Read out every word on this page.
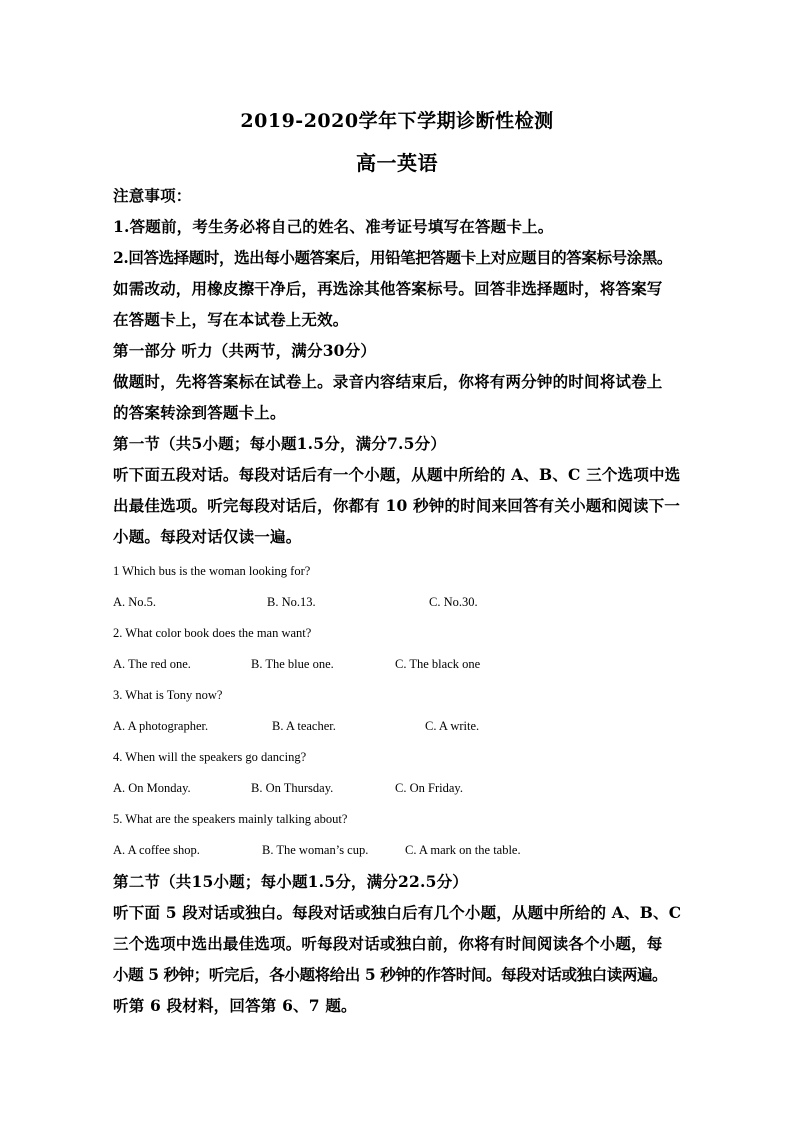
2019-2020学年下学期诊断性检测
高一英语

注意事项：

1.答题前，考生务必将自己的姓名、准考证号填写在答题卡上。

2.回答选择题时，选出每小题答案后，用铅笔把答题卡上对应题目的答案标号涂黑。

如需改动，用橡皮擦干净后，再选涂其他答案标号。回答非选择题时，将答案写

在答题卡上，写在本试卷上无效。

第一部分 听力（共两节，满分30分）

做题时，先将答案标在试卷上。录音内容结束后，你将有两分钟的时间将试卷上

的答案转涂到答题卡上。

第一节（共5小题；每小题1.5分，满分7.5分）

听下面五段对话。每段对话后有一个小题，从题中所给的 A、B、C 三个选项中选

出最佳选项。听完每段对话后，你都有 10 秒钟的时间来回答有关小题和阅读下一

小题。每段对话仅读一遍。

1 Which bus is the woman looking for?

A. No.5.	B. No.13.	C. No.30.

2. What color book does the man want?

A. The red one.	B. The blue one.	C. The black one

3. What is Tony now?

A. A photographer.	B. A teacher.	C. A write.

4. When will the speakers go dancing?

A. On Monday.	B. On Thursday.	C. On Friday.

5. What are the speakers mainly talking about?

A. A coffee shop.	B. The woman’s cup.	C. A mark on the table.

第二节（共15小题；每小题1.5分，满分22.5分）

听下面 5 段对话或独白。每段对话或独白后有几个小题，从题中所给的 A、B、C

三个选项中选出最佳选项。听每段对话或独白前，你将有时间阅读各个小题，每

小题 5 秒钟；听完后，各小题将给出 5 秒钟的作答时间。每段对话或独白读两遍。

听第 6 段材料，回答第 6、7 题。
